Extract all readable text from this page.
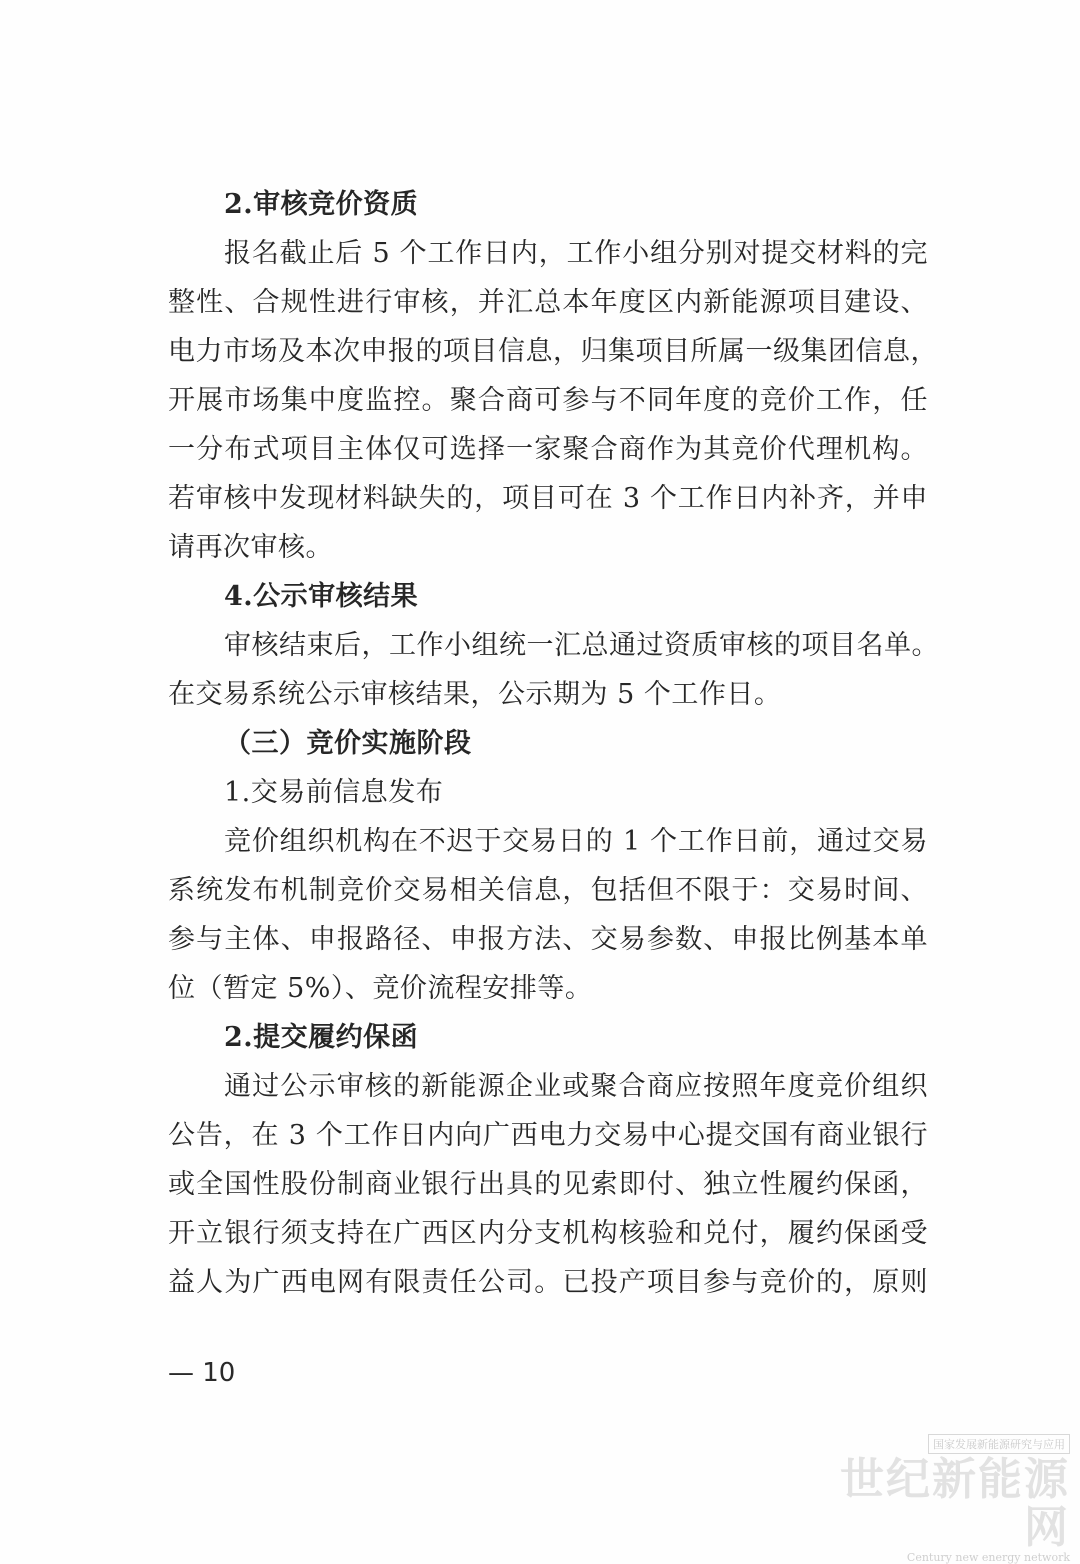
2.审核竞价资质
报名截止后 5 个工作日内，工作小组分别对提交材料的完
整性、合规性进行审核，并汇总本年度区内新能源项目建设、
电力市场及本次申报的项目信息，归集项目所属一级集团信息，
开展市场集中度监控。聚合商可参与不同年度的竞价工作，任
一分布式项目主体仅可选择一家聚合商作为其竞价代理机构。
若审核中发现材料缺失的，项目可在 3 个工作日内补齐，并申
请再次审核。
4.公示审核结果
审核结束后，工作小组统一汇总通过资质审核的项目名单。
在交易系统公示审核结果，公示期为 5 个工作日。
（三）竞价实施阶段
1.交易前信息发布
竞价组织机构在不迟于交易日的 1 个工作日前，通过交易
系统发布机制竞价交易相关信息，包括但不限于：交易时间、
参与主体、申报路径、申报方法、交易参数、申报比例基本单
位（暂定 5%）、竞价流程安排等。
2.提交履约保函
通过公示审核的新能源企业或聚合商应按照年度竞价组织
公告，在 3 个工作日内向广西电力交易中心提交国有商业银行
或全国性股份制商业银行出具的见索即付、独立性履约保函，
开立银行须支持在广西区内分支机构核验和兑付，履约保函受
益人为广西电网有限责任公司。已投产项目参与竞价的，原则
— 10
国家发展新能源研究与应用
世纪新能源网
Century new energy network
